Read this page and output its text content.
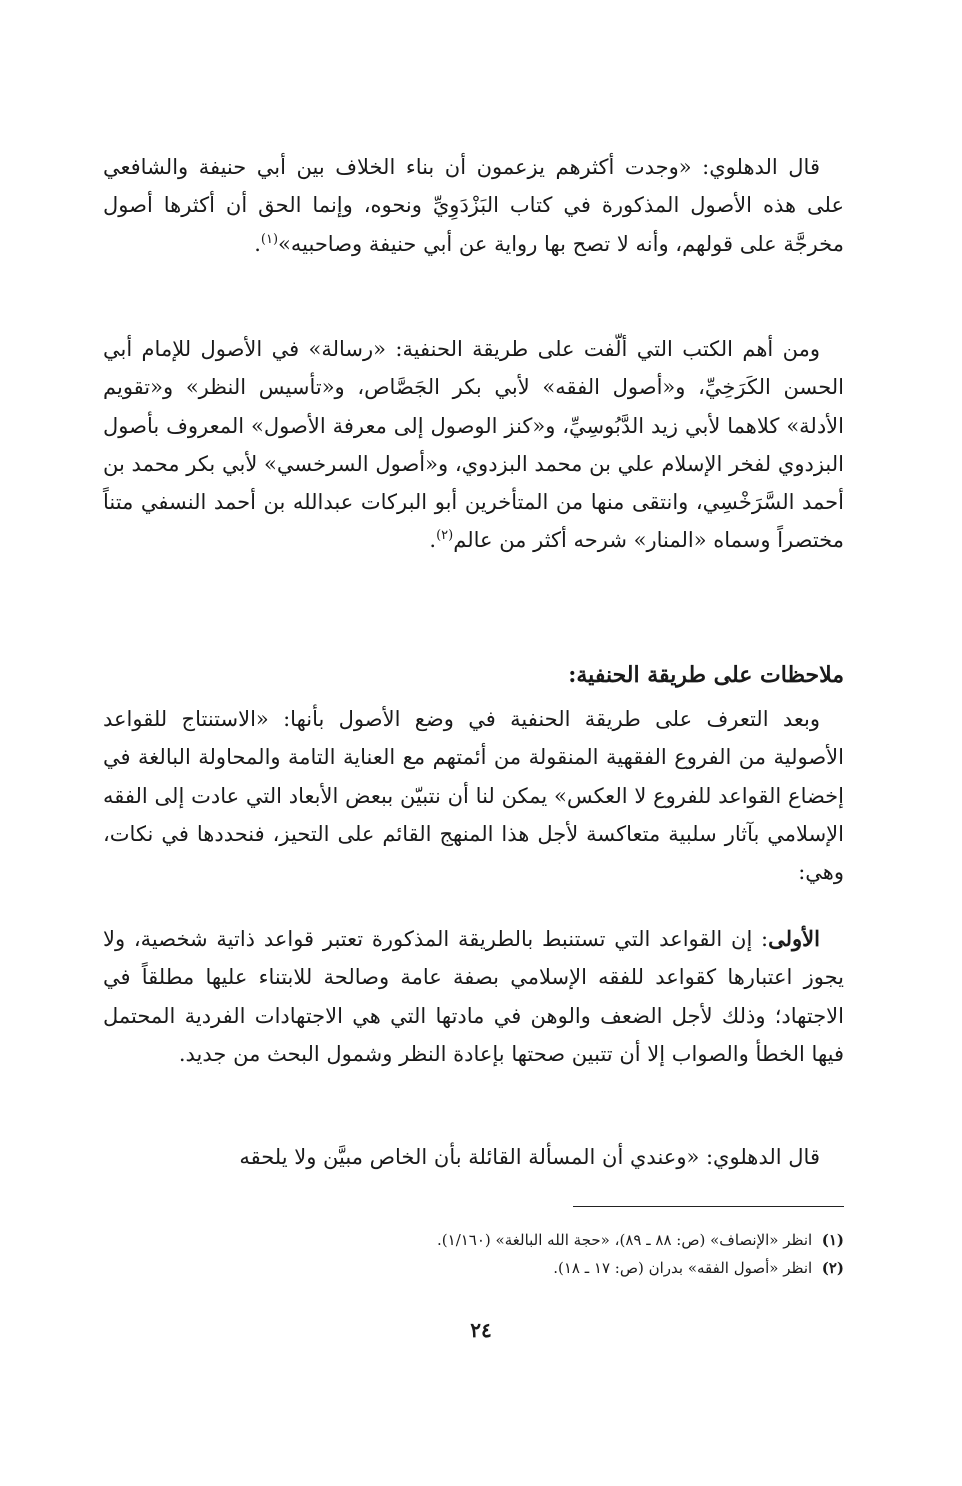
قال الدهلوي: «وجدت أكثرهم يزعمون أن بناء الخلاف بين أبي حنيفة والشافعي على هذه الأصول المذكورة في كتاب البَزْدَوِيِّ ونحوه، وإنما الحق أن أكثرها أصول مخرجَّة على قولهم، وأنه لا تصح بها رواية عن أبي حنيفة وصاحبيه»$^{(١)}$.

ومن أهم الكتب التي ألّفت على طريقة الحنفية: «رسالة» في الأصول للإمام أبي الحسن الكَرَخِيِّ، و«أصول الفقه» لأبي بكر الجَصَّاص، و«تأسيس النظر» و«تقويم الأدلة» كلاهما لأبي زيد الدَّبُوسِيِّ، و«كنز الوصول إلى معرفة الأصول» المعروف بأصول البزدوي لفخر الإسلام علي بن محمد البزدوي، و«أصول السرخسي» لأبي بكر محمد بن أحمد السَّرَخْسِي، وانتقى منها من المتأخرين أبو البركات عبدالله بن أحمد النسفي متناً مختصراً وسماه «المنار» شرحه أكثر من عالم$^{(٢)}$.

ملاحظات على طريقة الحنفية:

وبعد التعرف على طريقة الحنفية في وضع الأصول بأنها: «الاستنتاج للقواعد الأصولية من الفروع الفقهية المنقولة من أئمتهم مع العناية التامة والمحاولة البالغة في إخضاع القواعد للفروع لا العكس» يمكن لنا أن نتبيّن ببعض الأبعاد التي عادت إلى الفقه الإسلامي بآثار سلبية متعاكسة لأجل هذا المنهج القائم على التحيز، فنحددها في نكات، وهي:

الأولى: إن القواعد التي تستنبط بالطريقة المذكورة تعتبر قواعد ذاتية شخصية، ولا يجوز اعتبارها كقواعد للفقه الإسلامي بصفة عامة وصالحة للابتناء عليها مطلقاً في الاجتهاد؛ وذلك لأجل الضعف والوهن في مادتها التي هي الاجتهادات الفردية المحتمل فيها الخطأ والصواب إلا أن تتبين صحتها بإعادة النظر وشمول البحث من جديد.

قال الدهلوي: «وعندي أن المسألة القائلة بأن الخاص مبيَّن ولا يلحقه

(١)  انظر «الإنصاف» (ص: ٨٨ ـ ٨٩)، «حجة الله البالغة» (١/١٦٠).

(٢)  انظر «أصول الفقه» بدران (ص: ١٧ ـ ١٨).

٢٤
